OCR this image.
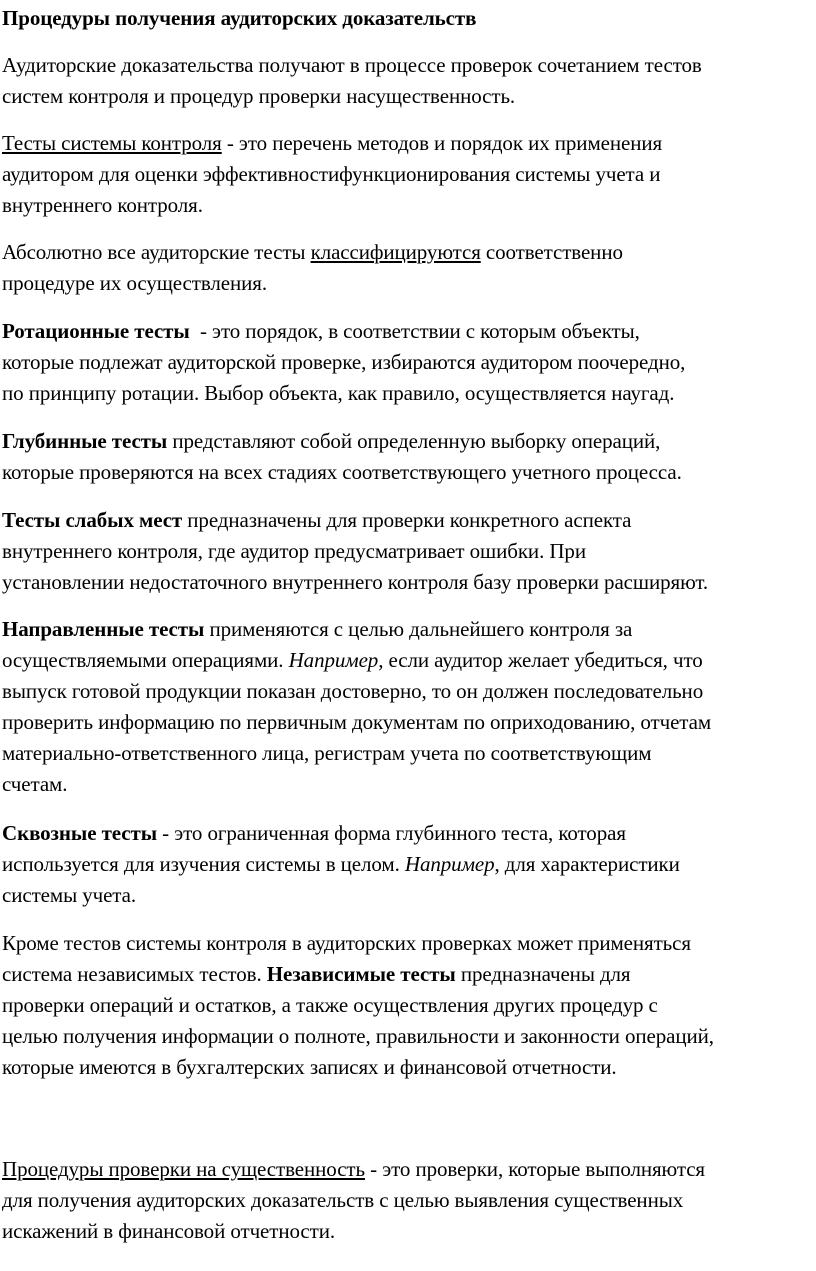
Процедуры получения аудиторских доказательств

Аудиторские доказательства получают в процессе проверок сочетанием тестов
систем контроля и процедур проверки насущественность.

Тесты системы контроля - это перечень методов и порядок их применения
аудитором для оценки эффективностифункционирования системы учета и
внутреннего контроля.

Абсолютно все аудиторские тесты классифицируются соответственно
процедуре их осуществления.

Ротационные тесты  - это порядок, в соответствии с которым объекты,
которые подлежат аудиторской проверке, избираются аудитором поочередно,
по принципу ротации. Выбор объекта, как правило, осуществляется наугад.

Глубинные тесты представляют собой определенную выборку операций,
которые проверяются на всех стадиях соответствующего учетного процесса.

Тесты слабых мест предназначены для проверки конкретного аспекта
внутреннего контроля, где аудитор предусматривает ошибки. При
установлении недостаточного внутреннего контроля базу проверки расширяют.

Направленные тесты применяются с целью дальнейшего контроля за
осуществляемыми операциями. Например, если аудитор желает убедиться, что
выпуск готовой продукции показан достоверно, то он должен последовательно
проверить информацию по первичным документам по оприходованию, отчетам
материально-ответственного лица, регистрам учета по соответствующим
счетам.

Сквозные тесты - это ограниченная форма глубинного теста, которая
используется для изучения системы в целом. Например, для характеристики
системы учета.

Кроме тестов системы контроля в аудиторских проверках может применяться
система независимых тестов. Независимые тесты предназначены для
проверки операций и остатков, а также осуществления других процедур с
целью получения информации о полноте, правильности и законности операций,
которые имеются в бухгалтерских записях и финансовой отчетности.

Процедуры проверки на существенность - это проверки, которые выполняются
для получения аудиторских доказательств с целью выявления существенных
искажений в финансовой отчетности.
